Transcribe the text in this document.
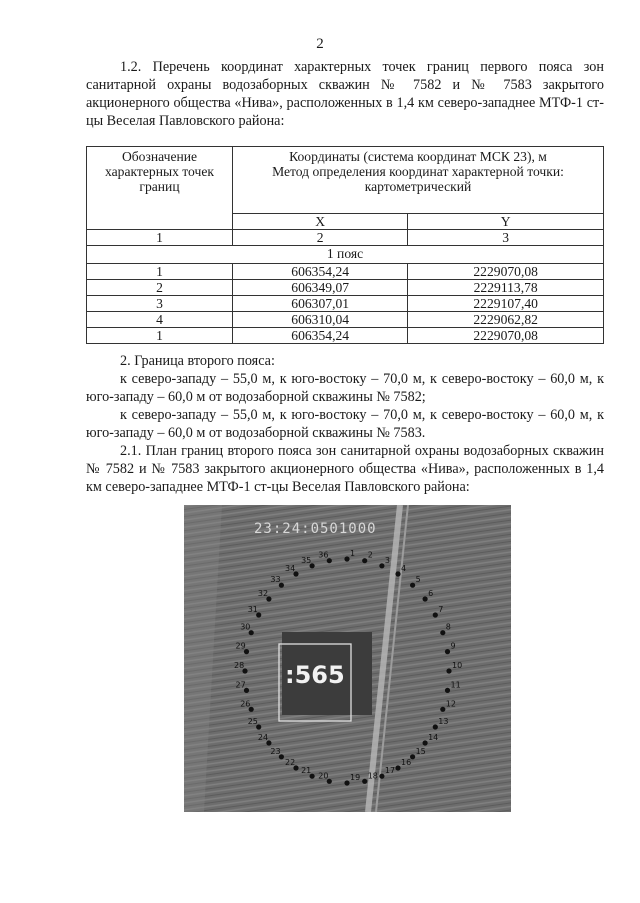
2

1.2. Перечень координат характерных точек границ первого пояса зон санитарной охраны водозаборных скважин № 7582 и № 7583 закрытого акционерного общества «Нива», расположенных в 1,4 км северо-западнее МТФ-1 ст-цы Веселая Павловского района:

Обозначение характерных точек границ	Координаты (система координат МСК 23), м
Метод определения координат характерной точки: картометрический	
	X	Y
1	2	3
1 пояс		
1	606354,24	2229070,08
2	606349,07	2229113,78
3	606307,01	2229107,40
4	606310,04	2229062,82
1	606354,24	2229070,08

2. Граница второго пояса:

к северо-западу – 55,0 м, к юго-востоку – 70,0 м, к северо-востоку – 60,0 м, к юго-западу – 60,0 м от водозаборной скважины № 7582;

к северо-западу – 55,0 м, к юго-востоку – 70,0 м, к северо-востоку – 60,0 м, к юго-западу – 60,0 м от водозаборной скважины № 7583.

2.1. План границ второго пояса зон санитарной охраны водозаборных скважин № 7582 и № 7583 закрытого акционерного общества «Нива», расположенных в 1,4 км северо-западнее МТФ-1 ст-цы Веселая Павловского района:

1 2
3
4
5
6
7
8
9
10
11
12
13
14
15
16
17
18
19
20
21
22
23
24
25
26
27
28
29
30
31
32
33
34
35
36
23:24:0501000
:565
